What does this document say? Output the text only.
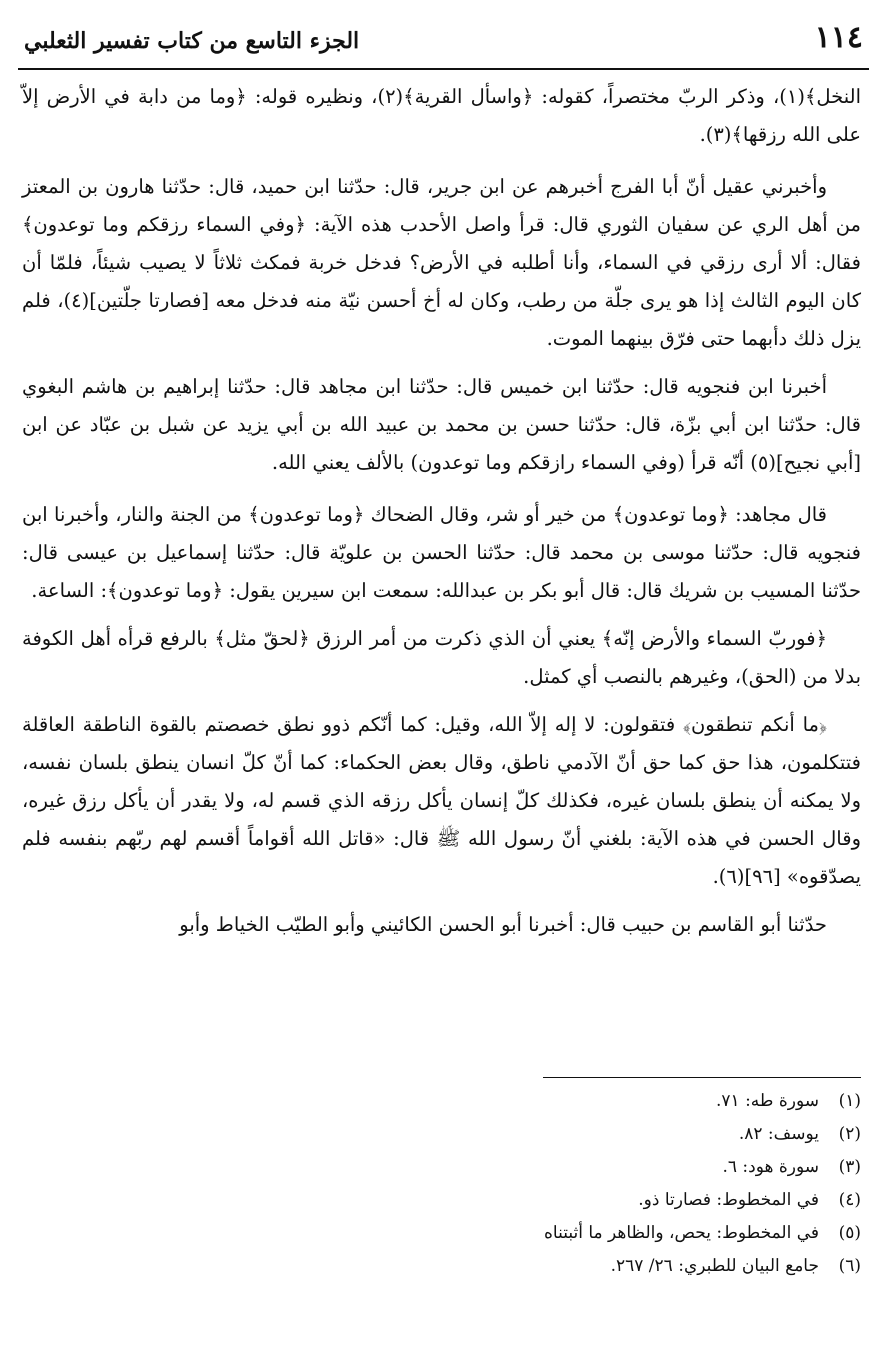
١١٤
الجزء التاسع من كتاب تفسير الثعلبي

النخل﴾(١)، وذكر الربّ مختصراً، كقوله: ﴿واسأل القرية﴾(٢)، ونظيره قوله: ﴿وما من دابة في الأرض إلاّ على الله رزقها﴾(٣).

وأخبرني عقيل أنّ أبا الفرج أخبرهم عن ابن جرير، قال: حدّثنا ابن حميد، قال: حدّثنا هارون بن المعتز من أهل الري عن سفيان الثوري قال: قرأ واصل الأحدب هذه الآية: ﴿وفي السماء رزقكم وما توعدون﴾ فقال: ألا أرى رزقي في السماء، وأنا أطلبه في الأرض؟ فدخل خربة فمكث ثلاثاً لا يصيب شيئاً، فلمّا أن كان اليوم الثالث إذا هو يرى جلّة من رطب، وكان له أخ أحسن نيّة منه فدخل معه [فصارتا جلّتين](٤)، فلم يزل ذلك دأبهما حتى فرّق بينهما الموت.

أخبرنا ابن فنجويه قال: حدّثنا ابن خميس قال: حدّثنا ابن مجاهد قال: حدّثنا إبراهيم بن هاشم البغوي قال: حدّثنا ابن أبي بزّة، قال: حدّثنا حسن بن محمد بن عبيد الله بن أبي يزيد عن شبل بن عبّاد عن ابن [أبي نجيح](٥) أنّه قرأ (وفي السماء رازقكم وما توعدون) بالألف يعني الله.

قال مجاهد: ﴿وما توعدون﴾ من خير أو شر، وقال الضحاك ﴿وما توعدون﴾ من الجنة والنار، وأخبرنا ابن فنجويه قال: حدّثنا موسى بن محمد قال: حدّثنا الحسن بن علويّة قال: حدّثنا إسماعيل بن عيسى قال: حدّثنا المسيب بن شريك قال: قال أبو بكر بن عبدالله: سمعت ابن سيرين يقول: ﴿وما توعدون﴾: الساعة.

﴿فوربّ السماء والأرض إنّه﴾ يعني أن الذي ذكرت من أمر الرزق ﴿لحقّ مثل﴾ بالرفع قرأه أهل الكوفة بدلا من (الحق)، وغيرهم بالنصب أي كمثل.

﴿ما أنكم تنطقون﴾ فتقولون: لا إله إلاّ الله، وقيل: كما أنّكم ذوو نطق خصصتم بالقوة الناطقة العاقلة فتتكلمون، هذا حق كما حق أنّ الآدمي ناطق، وقال بعض الحكماء: كما أنّ كلّ انسان ينطق بلسان نفسه، ولا يمكنه أن ينطق بلسان غيره، فكذلك كلّ إنسان يأكل رزقه الذي قسم له، ولا يقدر أن يأكل رزق غيره، وقال الحسن في هذه الآية: بلغني أنّ رسول الله ﷺ قال: «قاتل الله أقواماً أقسم لهم ربّهم بنفسه فلم يصدّقوه» [٩٦](٦).

حدّثنا أبو القاسم بن حبيب قال: أخبرنا أبو الحسن الكائيني وأبو الطيّب الخياط وأبو

(١)
سورة طه: ٧١.
(٢)
يوسف: ٨٢.
(٣)
سورة هود: ٦.
(٤)
في المخطوط: فصارتا ذو.
(٥)
في المخطوط: يحص، والظاهر ما أثبتناه
(٦)
جامع البيان للطبري: ٢٦/ ٢٦٧.
